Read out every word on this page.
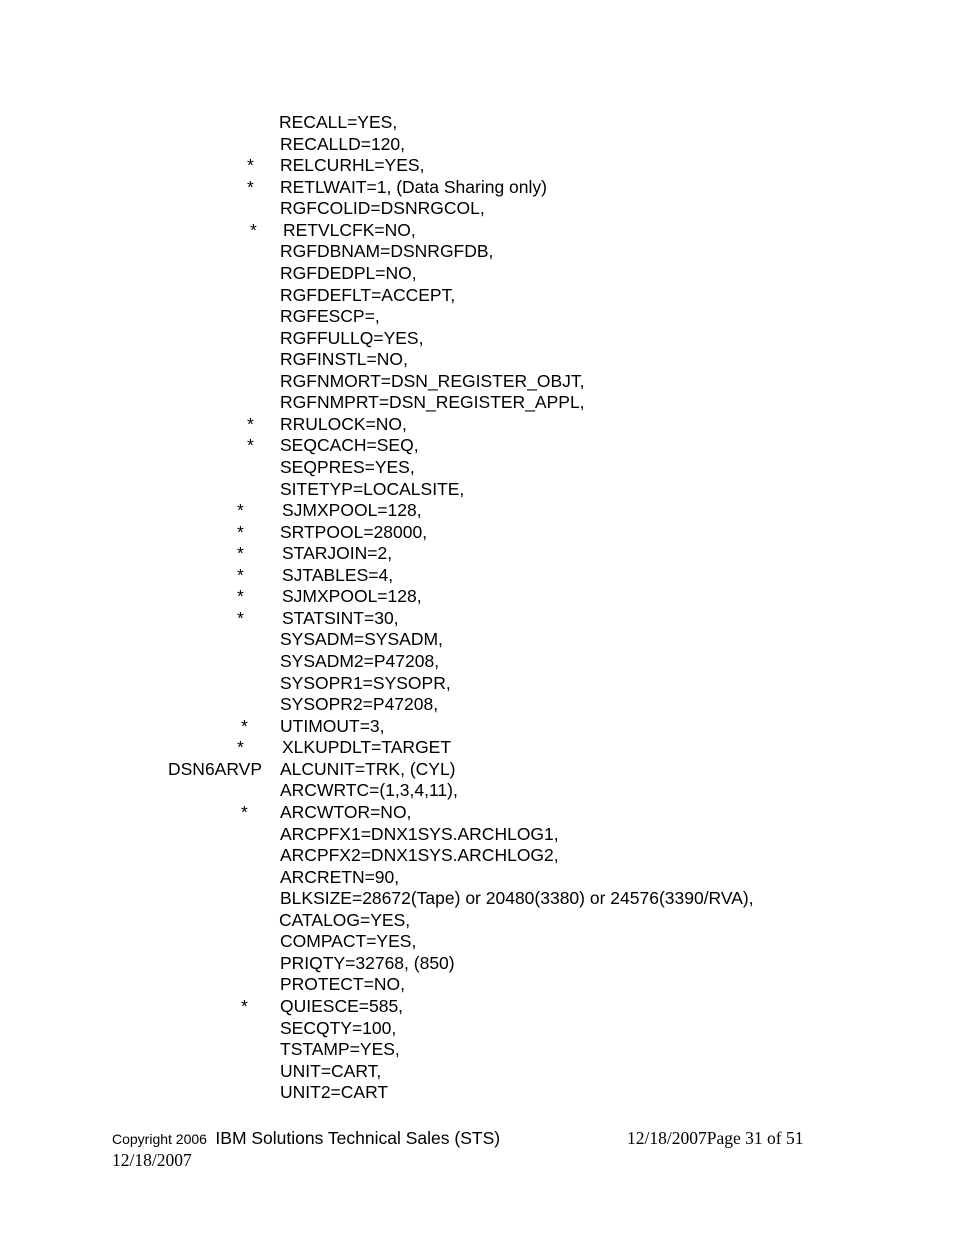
RECALL=YES,
RECALLD=120,
* RELCURHL=YES,
* RETLWAIT=1, (Data Sharing only)
RGFCOLID=DSNRGCOL,
* RETVLCFK=NO,
RGFDBNAM=DSNRGFDB,
RGFDEDPL=NO,
RGFDEFLT=ACCEPT,
RGFESCP=,
RGFFULLQ=YES,
RGFINSTL=NO,
RGFNMORT=DSN_REGISTER_OBJT,
RGFNMPRT=DSN_REGISTER_APPL,
* RRULOCK=NO,
* SEQCACH=SEQ,
SEQPRES=YES,
SITETYP=LOCALSITE,
* SJMXPOOL=128,
* SRTPOOL=28000,
* STARJOIN=2,
* SJTABLES=4,
* SJMXPOOL=128,
* STATSINT=30,
SYSADM=SYSADM,
SYSADM2=P47208,
SYSOPR1=SYSOPR,
SYSOPR2=P47208,
* UTIMOUT=3,
* XLKUPDLT=TARGET
DSN6ARVP ALCUNIT=TRK, (CYL)
ARCWRTC=(1,3,4,11),
* ARCWTOR=NO,
ARCPFX1=DNX1SYS.ARCHLOG1,
ARCPFX2=DNX1SYS.ARCHLOG2,
ARCRETN=90,
BLKSIZE=28672(Tape) or 20480(3380) or 24576(3390/RVA),
CATALOG=YES,
COMPACT=YES,
PRIQTY=32768, (850)
PROTECT=NO,
* QUIESCE=585,
SECQTY=100,
TSTAMP=YES,
UNIT=CART,
UNIT2=CART
Copyright 2006 IBM Solutions Technical Sales (STS)	12/18/2007Page 31 of 51
12/18/2007
